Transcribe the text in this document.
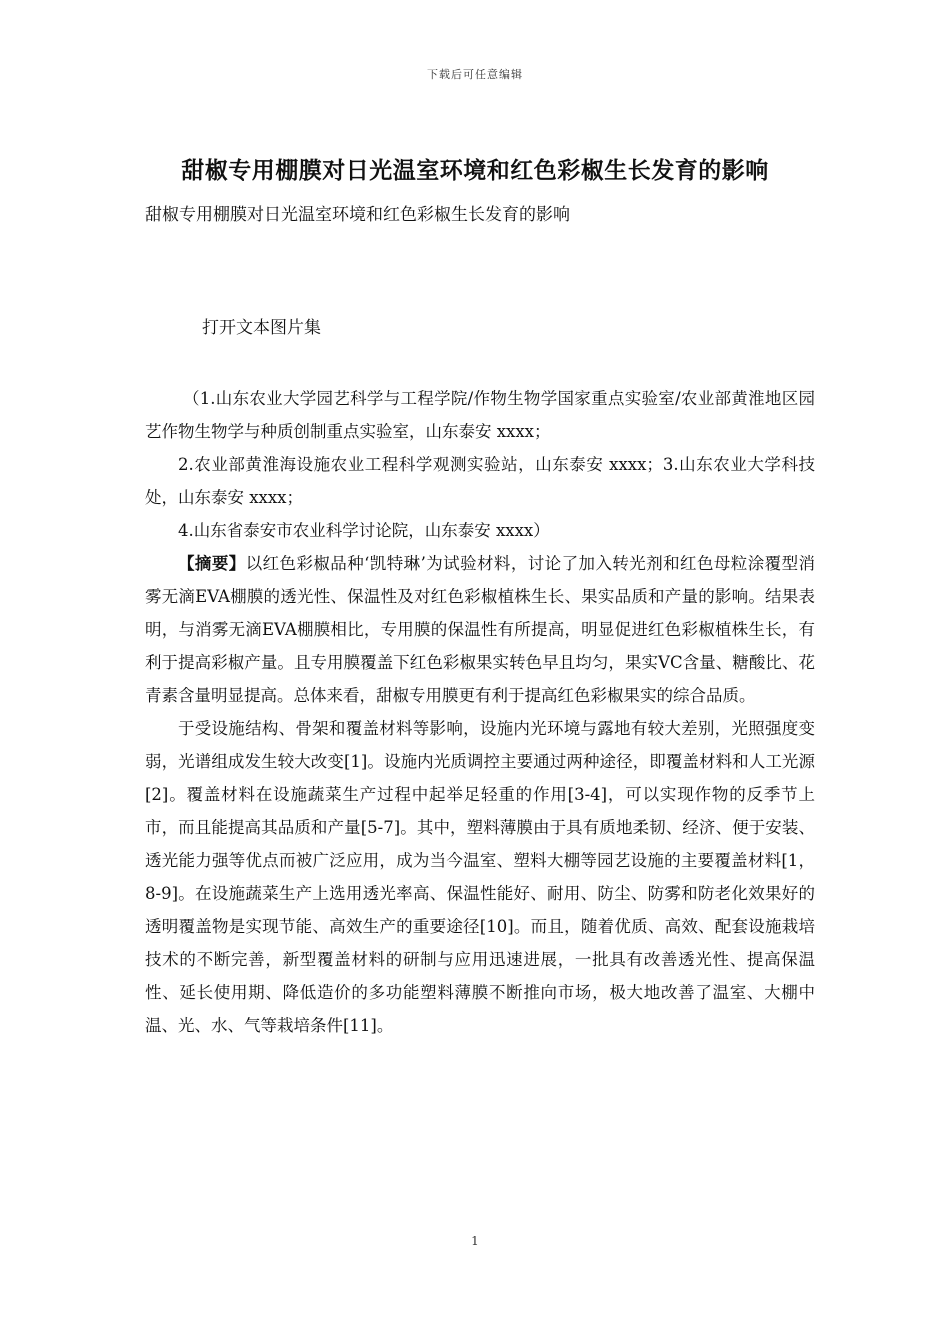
下载后可任意编辑
甜椒专用棚膜对日光温室环境和红色彩椒生长发育的影响
甜椒专用棚膜对日光温室环境和红色彩椒生长发育的影响
打开文本图片集

（1.山东农业大学园艺科学与工程学院/作物生物学国家重点实验室/农业部黄淮地区园艺作物生物学与种质创制重点实验室，山东泰安 xxxx；

2.农业部黄淮海设施农业工程科学观测实验站，山东泰安 xxxx；3.山东农业大学科技处，山东泰安 xxxx；

4.山东省泰安市农业科学讨论院，山东泰安 xxxx）

【摘要】以红色彩椒品种‘凯特琳’为试验材料，讨论了加入转光剂和红色母粒涂覆型消雾无滴EVA棚膜的透光性、保温性及对红色彩椒植株生长、果实品质和产量的影响。结果表明，与消雾无滴EVA棚膜相比，专用膜的保温性有所提高，明显促进红色彩椒植株生长，有利于提高彩椒产量。且专用膜覆盖下红色彩椒果实转色早且均匀，果实VC含量、糖酸比、花青素含量明显提高。总体来看，甜椒专用膜更有利于提高红色彩椒果实的综合品质。

于受设施结构、骨架和覆盖材料等影响，设施内光环境与露地有较大差别，光照强度变弱，光谱组成发生较大改变[1]。设施内光质调控主要通过两种途径，即覆盖材料和人工光源[2]。覆盖材料在设施蔬菜生产过程中起举足轻重的作用[3-4]，可以实现作物的反季节上市，而且能提高其品质和产量[5-7]。其中，塑料薄膜由于具有质地柔韧、经济、便于安装、透光能力强等优点而被广泛应用，成为当今温室、塑料大棚等园艺设施的主要覆盖材料[1，8-9]。在设施蔬菜生产上选用透光率高、保温性能好、耐用、防尘、防雾和防老化效果好的透明覆盖物是实现节能、高效生产的重要途径[10]。而且，随着优质、高效、配套设施栽培技术的不断完善，新型覆盖材料的研制与应用迅速进展，一批具有改善透光性、提高保温性、延长使用期、降低造价的多功能塑料薄膜不断推向市场，极大地改善了温室、大棚中温、光、水、气等栽培条件[11]。

1
